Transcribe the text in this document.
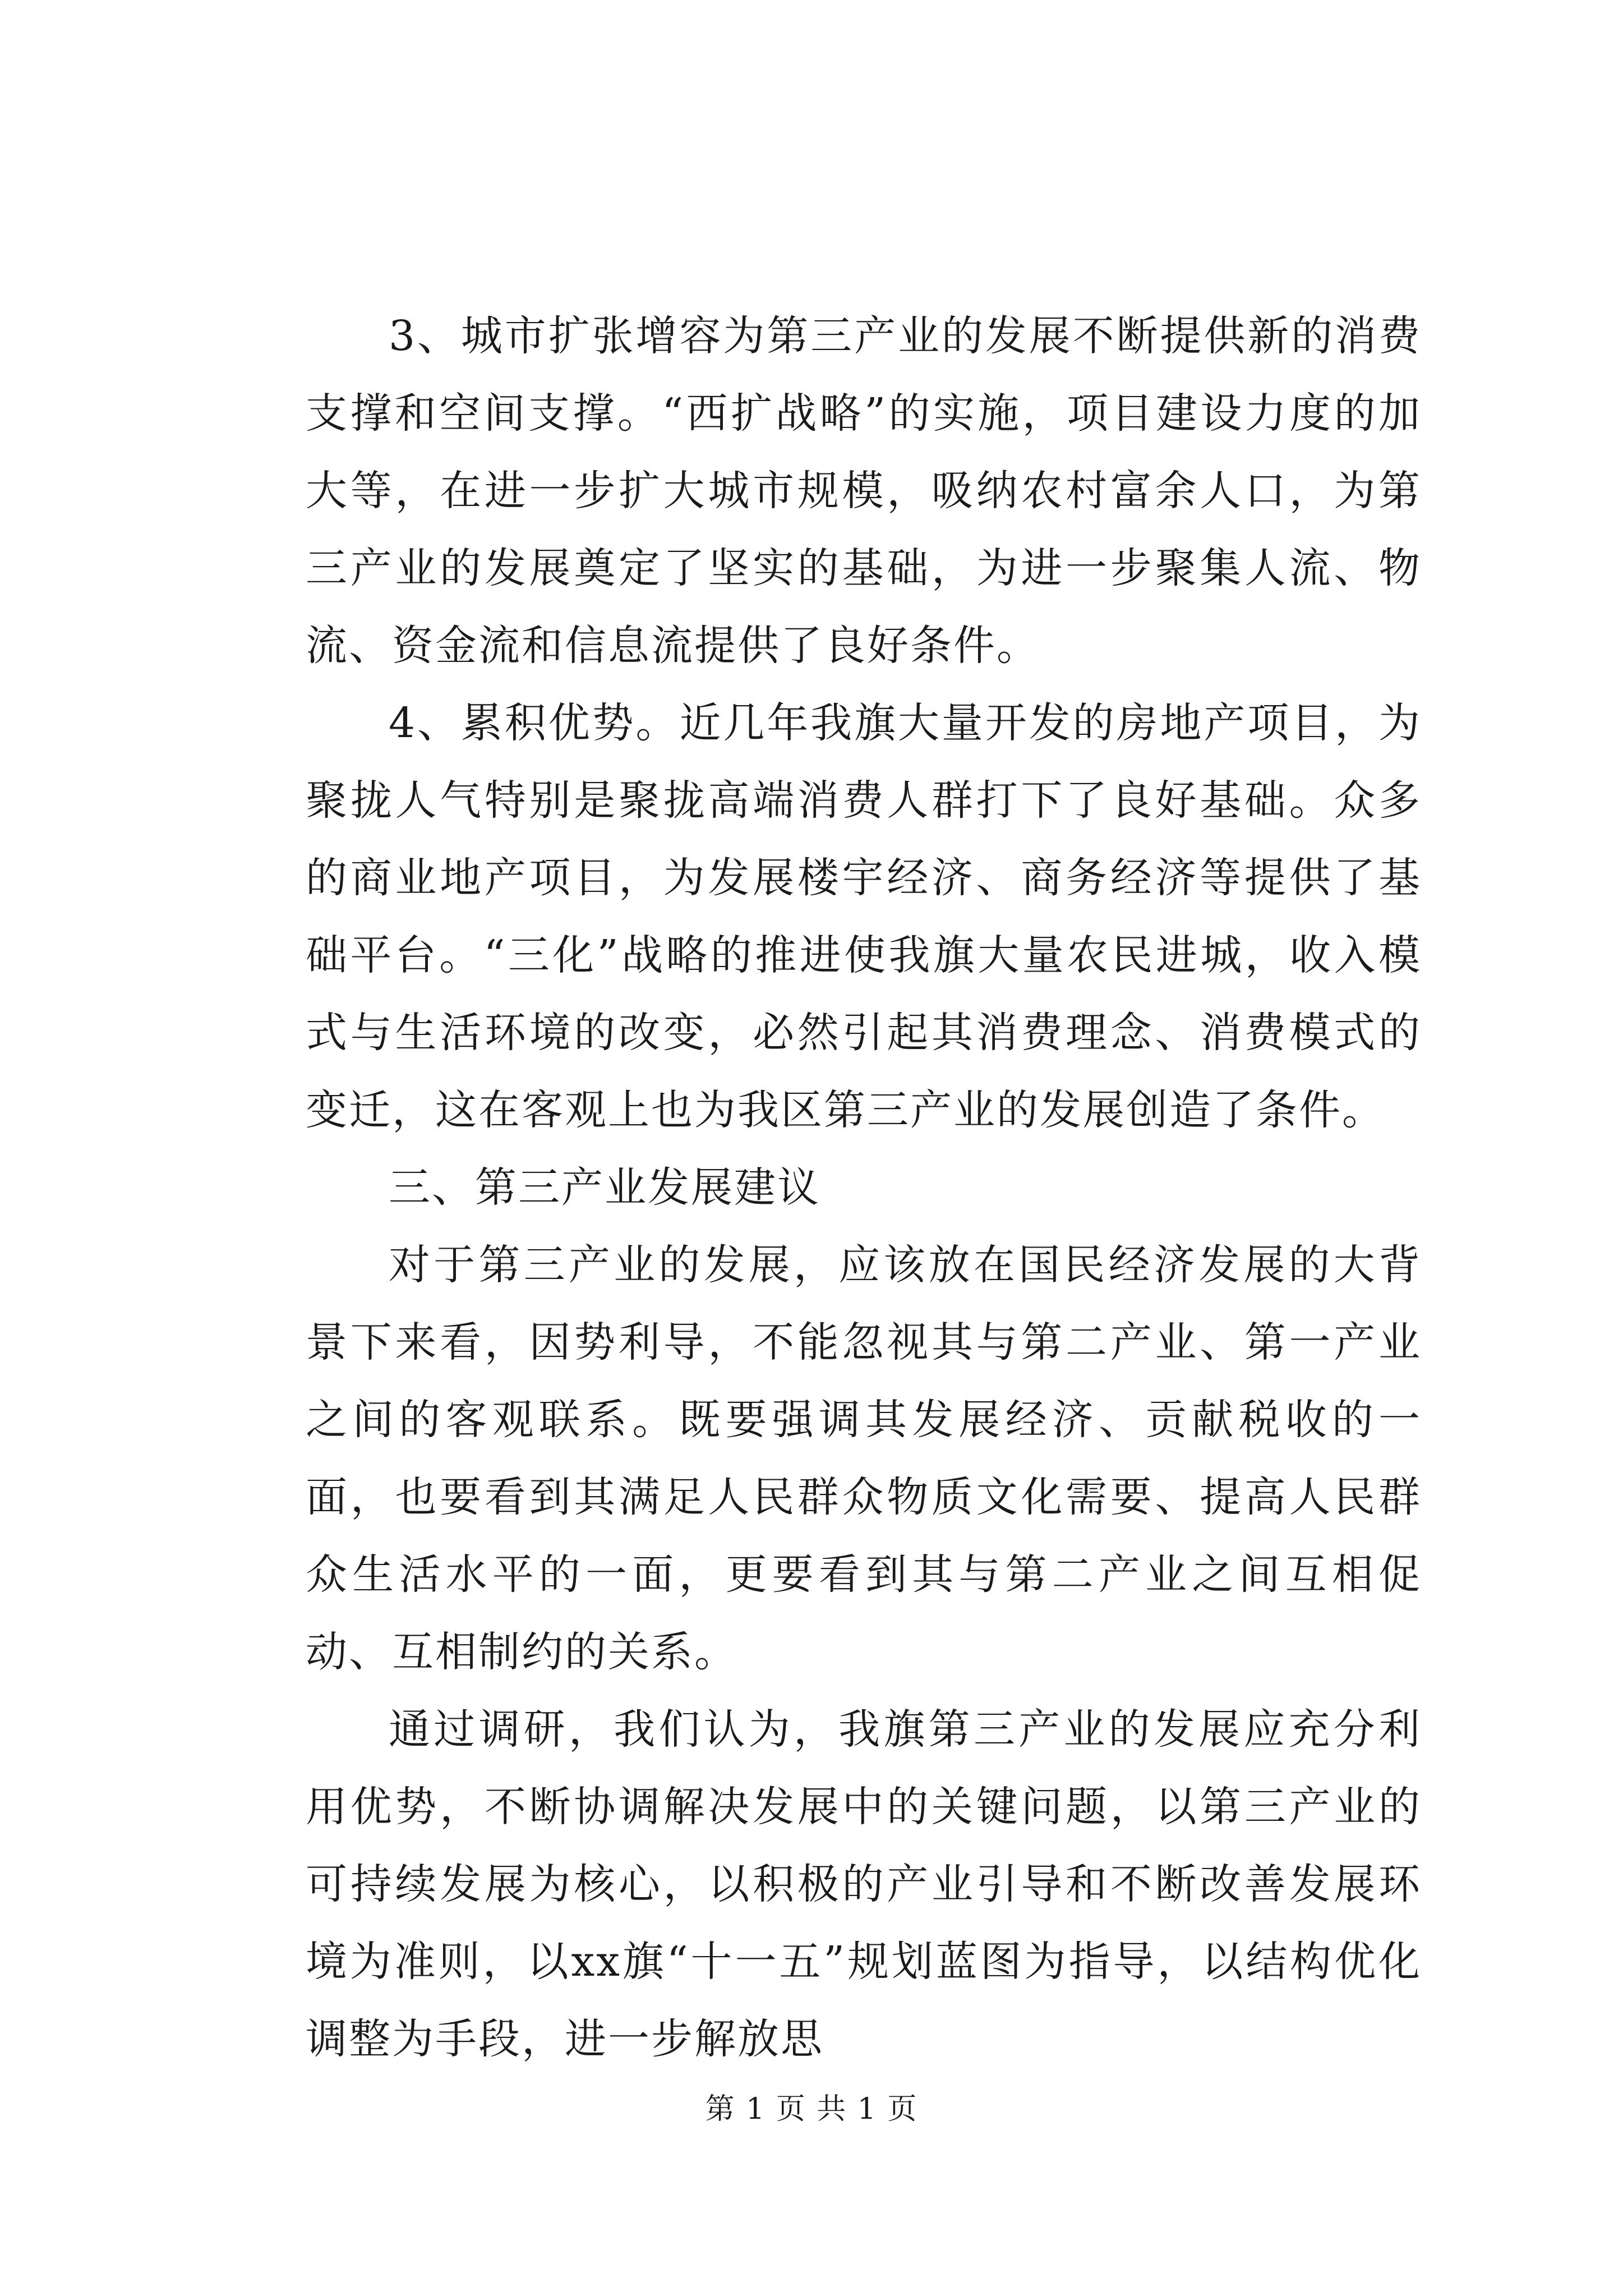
3、城市扩张增容为第三产业的发展不断提供新的消费支撑和空间支撑。“西扩战略”的实施，项目建设力度的加大等，在进一步扩大城市规模，吸纳农村富余人口，为第三产业的发展奠定了坚实的基础，为进一步聚集人流、物流、资金流和信息流提供了良好条件。

4、累积优势。近几年我旗大量开发的房地产项目，为聚拢人气特别是聚拢高端消费人群打下了良好基础。众多的商业地产项目，为发展楼宇经济、商务经济等提供了基础平台。“三化”战略的推进使我旗大量农民进城，收入模式与生活环境的改变，必然引起其消费理念、消费模式的变迁，这在客观上也为我区第三产业的发展创造了条件。

三、第三产业发展建议

对于第三产业的发展，应该放在国民经济发展的大背景下来看，因势利导，不能忽视其与第二产业、第一产业之间的客观联系。既要强调其发展经济、贡献税收的一面，也要看到其满足人民群众物质文化需要、提高人民群众生活水平的一面，更要看到其与第二产业之间互相促动、互相制约的关系。

通过调研，我们认为，我旗第三产业的发展应充分利用优势，不断协调解决发展中的关键问题，以第三产业的可持续发展为核心，以积极的产业引导和不断改善发展环境为准则，以xx旗“十一五”规划蓝图为指导，以结构优化调整为手段，进一步解放思

第 1 页 共 1 页
